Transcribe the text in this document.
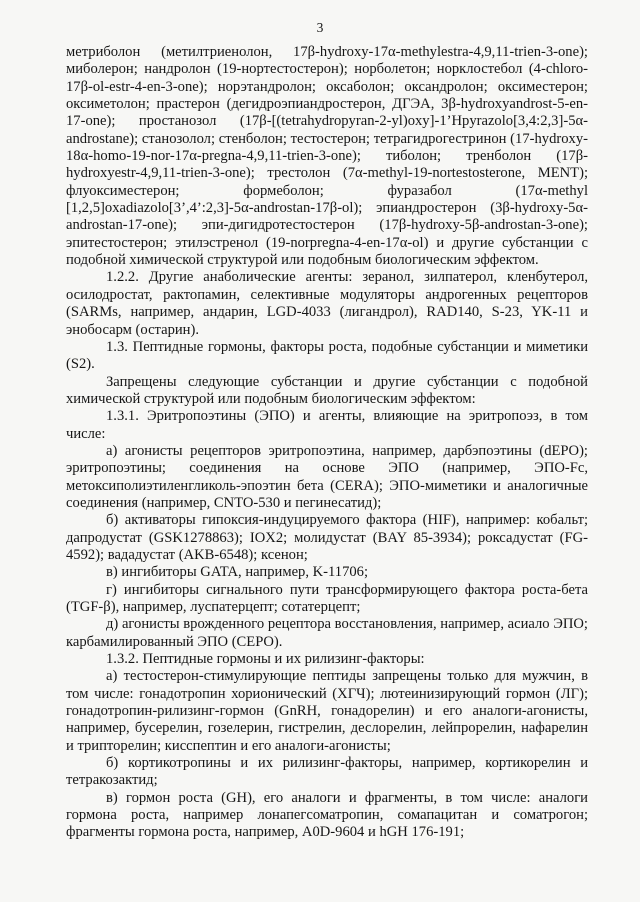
3

метриболон (метилтриенолон, 17β-hydroxy-17α-methylestra-4,9,11-trien-3-one); миболерон; нандролон (19-нортестостерон); норболетон; норклостебол (4-chloro-17β-ol-estr-4-en-3-one); норэтандролон; оксаболон; оксандролон; оксиместерон; оксиметолон; прастерон (дегидроэпиандростерон, ДГЭА, 3β-hydroxyandrost-5-en-17-one); простанозол (17β-[(tetrahydropyran-2-yl)oxy]-1’Hpyrazolo[3,4:2,3]-5α-androstane); станозолол; стенболон; тестостерон; тетрагидрогестринон (17-hydroxy-18α-homo-19-nor-17α-pregna-4,9,11-trien-3-one); тиболон; тренболон (17β-hydroxyestr-4,9,11-trien-3-one); трестолон (7α-methyl-19-nortestosterone, MENT); флуоксиместерон; формеболон; фуразабол (17α-methyl [1,2,5]oxadiazolo[3’,4’:2,3]-5α-androstan-17β-ol); эпиандростерон (3β-hydroxy-5α-androstan-17-one); эпи-дигидротестостерон (17β-hydroxy-5β-androstan-3-one); эпитестостерон; этилэстренол (19-norpregna-4-en-17α-ol) и другие субстанции с подобной химической структурой или подобным биологическим эффектом.

1.2.2. Другие анаболические агенты: зеранол, зилпатерол, кленбутерол, осилодростат, рактопамин, селективные модуляторы андрогенных рецепторов (SARMs, например, андарин, LGD-4033 (лигандрол), RAD140, S-23, YK-11 и энобосарм (остарин).

1.3. Пептидные гормоны, факторы роста, подобные субстанции и миметики (S2).

Запрещены следующие субстанции и другие субстанции с подобной химической структурой или подобным биологическим эффектом:

1.3.1. Эритропоэтины (ЭПО) и агенты, влияющие на эритропоэз, в том числе:

а) агонисты рецепторов эритропоэтина, например, дарбэпоэтины (dEPO); эритропоэтины; соединения на основе ЭПО (например, ЭПО-Fc, метоксиполиэтиленгликоль-эпоэтин бета (CERA); ЭПО-миметики и аналогичные соединения (например, CNTO-530 и пегинесатид);

б) активаторы гипоксия-индуцируемого фактора (HIF), например: кобальт; дапродустат (GSK1278863); IOX2; молидустат (BAY 85-3934); роксадустат (FG-4592); вададустат (AKB-6548); ксенон;

в) ингибиторы GATA, например, K-11706;

г) ингибиторы сигнального пути трансформирующего фактора роста-бета (TGF-β), например, луспатерцепт; сотатерцепт;

д) агонисты врожденного рецептора восстановления, например, асиало ЭПО; карбамилированный ЭПО (CEPO).

1.3.2. Пептидные гормоны и их рилизинг-факторы:

а) тестостерон-стимулирующие пептиды запрещены только для мужчин, в том числе: гонадотропин хорионический (ХГЧ); лютеинизирующий гормон (ЛГ); гонадотропин-рилизинг-гормон (GnRH, гонадорелин) и его аналоги-агонисты, например, бусерелин, гозелерин, гистрелин, деслорелин, лейпрорелин, нафарелин и трипторелин; кисспептин и его аналоги-агонисты;

б) кортикотропины и их рилизинг-факторы, например, кортикорелин и тетракозактид;

в) гормон роста (GH), его аналоги и фрагменты, в том числе: аналоги гормона роста, например лонапегсоматропин, сомапацитан и соматрогон; фрагменты гормона роста, например, A0D-9604 и hGH 176-191;
